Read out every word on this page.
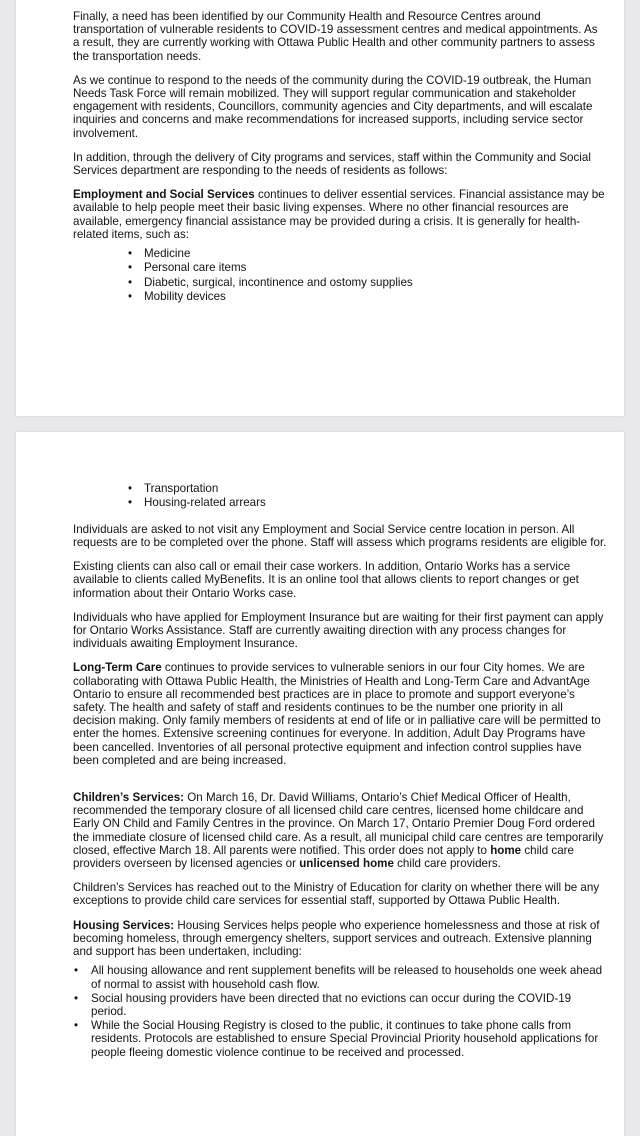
Finally, a need has been identified by our Community Health and Resource Centres around transportation of vulnerable residents to COVID-19 assessment centres and medical appointments. As a result, they are currently working with Ottawa Public Health and other community partners to assess the transportation needs.

As we continue to respond to the needs of the community during the COVID-19 outbreak, the Human Needs Task Force will remain mobilized. They will support regular communication and stakeholder engagement with residents, Councillors, community agencies and City departments, and will escalate inquiries and concerns and make recommendations for increased supports, including service sector involvement.

In addition, through the delivery of City programs and services, staff within the Community and Social Services department are responding to the needs of residents as follows:

Employment and Social Services continues to deliver essential services. Financial assistance may be available to help people meet their basic living expenses. Where no other financial resources are available, emergency financial assistance may be provided during a crisis. It is generally for health-related items, such as:

• Medicine
• Personal care items
• Diabetic, surgical, incontinence and ostomy supplies
• Mobility devices
• Transportation
• Housing-related arrears

Individuals are asked to not visit any Employment and Social Service centre location in person. All requests are to be completed over the phone. Staff will assess which programs residents are eligible for.

Existing clients can also call or email their case workers. In addition, Ontario Works has a service available to clients called MyBenefits. It is an online tool that allows clients to report changes or get information about their Ontario Works case.

Individuals who have applied for Employment Insurance but are waiting for their first payment can apply for Ontario Works Assistance. Staff are currently awaiting direction with any process changes for individuals awaiting Employment Insurance.

Long-Term Care continues to provide services to vulnerable seniors in our four City homes. We are collaborating with Ottawa Public Health, the Ministries of Health and Long-Term Care and AdvantAge Ontario to ensure all recommended best practices are in place to promote and support everyone’s safety. The health and safety of staff and residents continues to be the number one priority in all decision making. Only family members of residents at end of life or in palliative care will be permitted to enter the homes. Extensive screening continues for everyone. In addition, Adult Day Programs have been cancelled. Inventories of all personal protective equipment and infection control supplies have been completed and are being increased.

Children’s Services: On March 16, Dr. David Williams, Ontario’s Chief Medical Officer of Health, recommended the temporary closure of all licensed child care centres, licensed home childcare and Early ON Child and Family Centres in the province. On March 17, Ontario Premier Doug Ford ordered the immediate closure of licensed child care. As a result, all municipal child care centres are temporarily closed, effective March 18. All parents were notified. This order does not apply to home child care providers overseen by licensed agencies or unlicensed home child care providers.

Children's Services has reached out to the Ministry of Education for clarity on whether there will be any exceptions to provide child care services for essential staff, supported by Ottawa Public Health.

Housing Services: Housing Services helps people who experience homelessness and those at risk of becoming homeless, through emergency shelters, support services and outreach. Extensive planning and support has been undertaken, including:

• All housing allowance and rent supplement benefits will be released to households one week ahead of normal to assist with household cash flow.
• Social housing providers have been directed that no evictions can occur during the COVID-19 period.
• While the Social Housing Registry is closed to the public, it continues to take phone calls from residents. Protocols are established to ensure Special Provincial Priority household applications for people fleeing domestic violence continue to be received and processed.
